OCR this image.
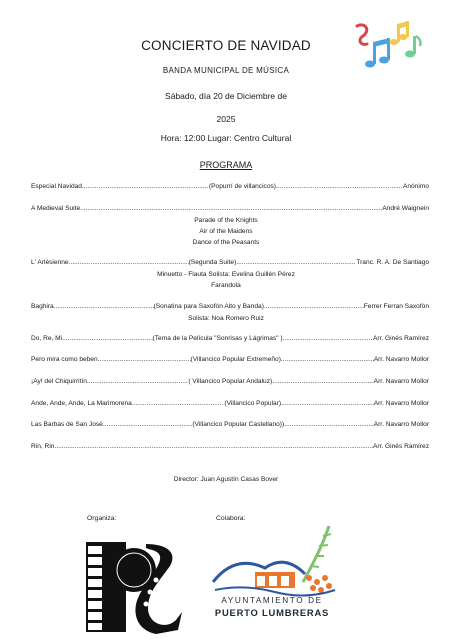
CONCIERTO DE NAVIDAD
BANDA MUNICIPAL DE MÚSICA
Sábado, día 20 de Diciembre de
2025
Hora: 12:00 Lugar: Centro Cultural
PROGRAMA
Especial Navidad .....	(Popurrí de villancicos) .....	Anónimo
A Medieval Suite .....	André Waignein
Parade of the Knights
Air of the Maidens
Dance of the Peasants
L' Arlésienne .....	(Segunda Suite) .....	Tranc. R. A. De Santiago
Minuetto - Flauta Solista: Evelina Guillén Pérez
Farandola
Baghira .....	(Sonatina para Saxofón Alto y Banda) .....	Ferrer Ferran Saxofón
Solista: Noa Romero Ruiz
Do, Re, Mi .....	(Tema de la Película "Sonrisas y Lágrimas" ) .....	Arr. Ginés Ramírez
Pero mira como beben .....	(Villancico Popular Extremeño) .....	Arr. Navarro Mollor
¡Ay! del Chiquirritín .....	( Villancico Popular Andaluz) .....	Arr. Navarro Mollor
Ande, Ande, Ande, La Marimorena .....	(Villancico Popular) .....	Arr. Navarro Mollor
Las Barbas de San José .....	(Villancico Popular Castellano)) .....	Arr. Navarro Mollor
Rin, Rin .....	Arr. Ginés Ramírez
Director: Juan Agustín Casas Bover
Organiza:	Colabora:
AYUNTAMIENTO DE
PUERTO LUMBRERAS
